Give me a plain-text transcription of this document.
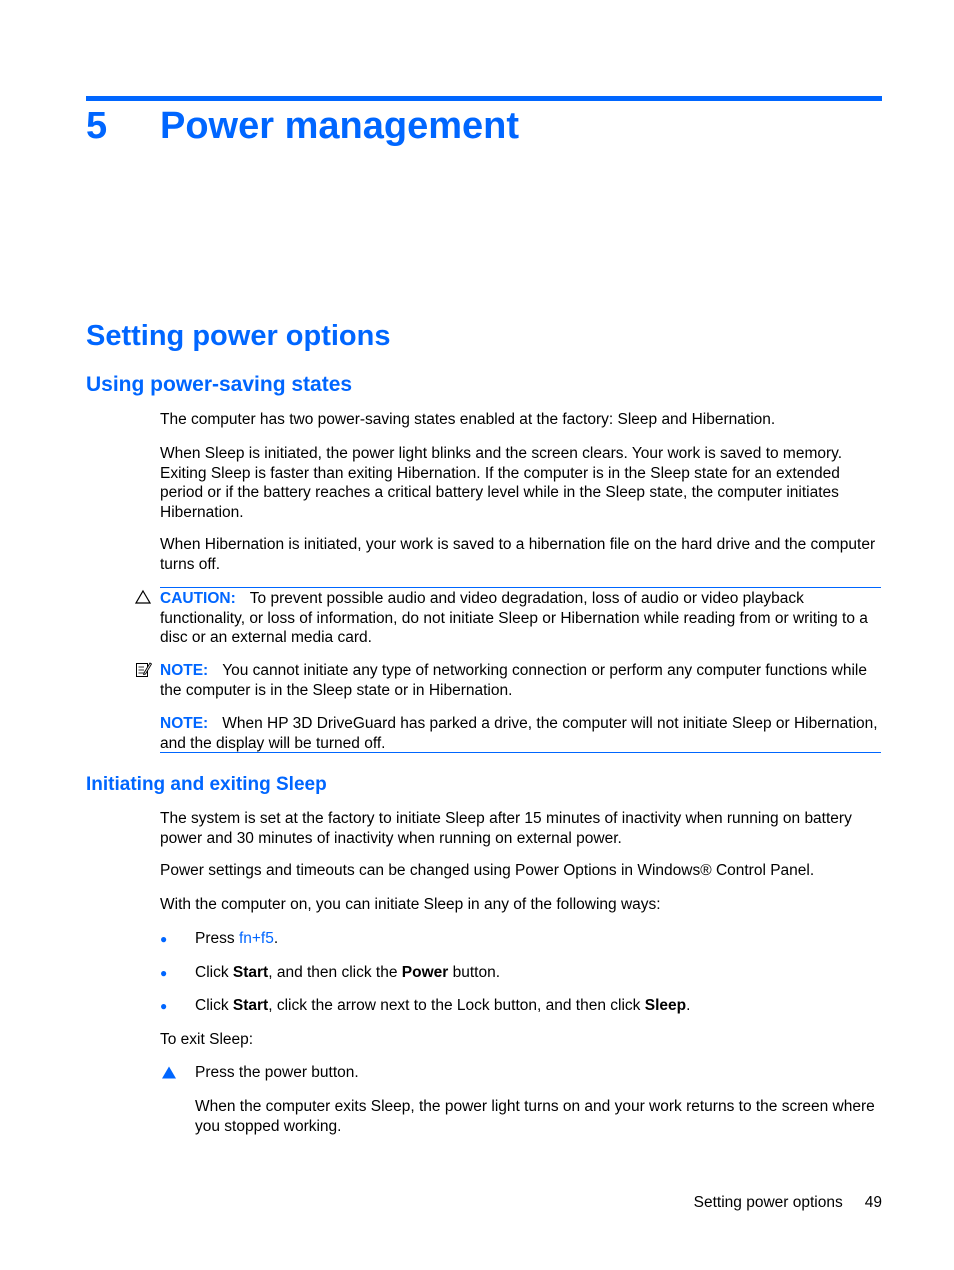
5 Power management
Setting power options
Using power-saving states

The computer has two power-saving states enabled at the factory: Sleep and Hibernation.

When Sleep is initiated, the power light blinks and the screen clears. Your work is saved to memory. Exiting Sleep is faster than exiting Hibernation. If the computer is in the Sleep state for an extended period or if the battery reaches a critical battery level while in the Sleep state, the computer initiates Hibernation.

When Hibernation is initiated, your work is saved to a hibernation file on the hard drive and the computer turns off.

CAUTION: To prevent possible audio and video degradation, loss of audio or video playback functionality, or loss of information, do not initiate Sleep or Hibernation while reading from or writing to a disc or an external media card.

NOTE: You cannot initiate any type of networking connection or perform any computer functions while the computer is in the Sleep state or in Hibernation.

NOTE: When HP 3D DriveGuard has parked a drive, the computer will not initiate Sleep or Hibernation, and the display will be turned off.

Initiating and exiting Sleep

The system is set at the factory to initiate Sleep after 15 minutes of inactivity when running on battery power and 30 minutes of inactivity when running on external power.

Power settings and timeouts can be changed using Power Options in Windows® Control Panel.

With the computer on, you can initiate Sleep in any of the following ways:

● Press fn+f5.
● Click Start, and then click the Power button.
● Click Start, click the arrow next to the Lock button, and then click Sleep.

To exit Sleep:

Press the power button.

When the computer exits Sleep, the power light turns on and your work returns to the screen where you stopped working.

Setting power options 49
